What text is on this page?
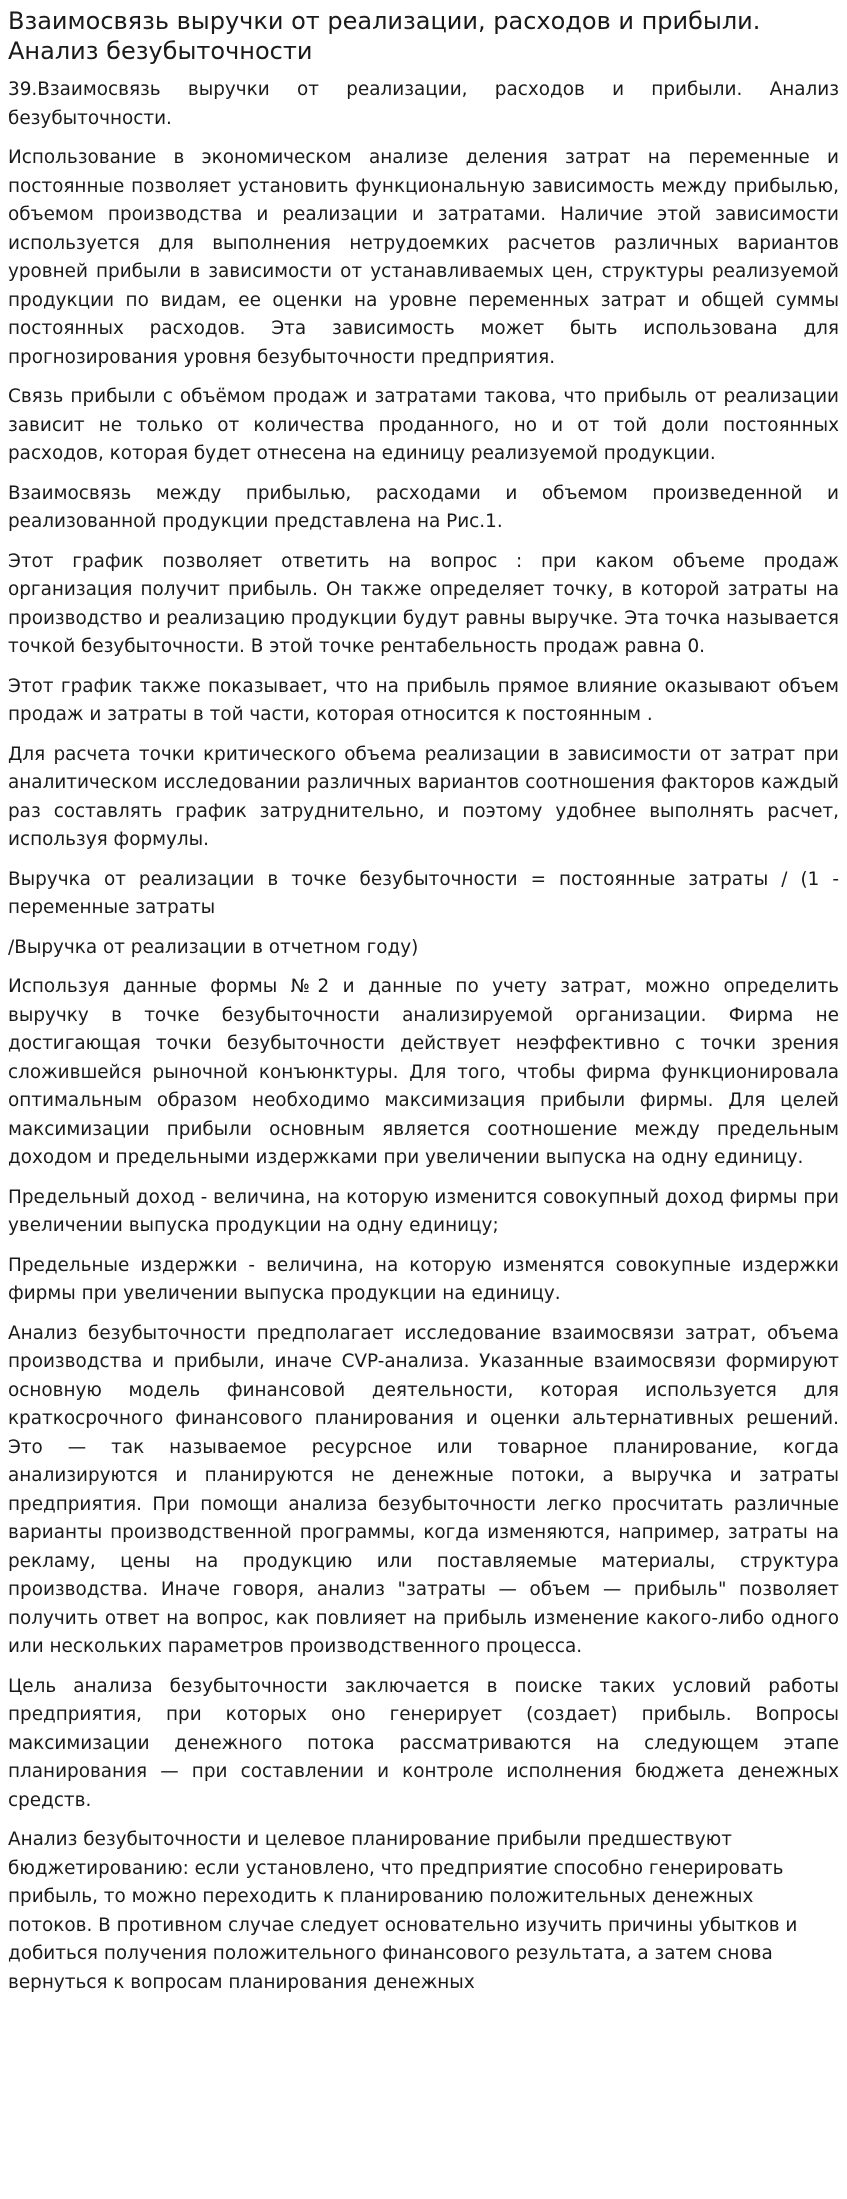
Взаимосвязь выручки от реализации, расходов и прибыли. Анализ безубыточности

39.Взаимосвязь выручки от реализации, расходов и прибыли. Анализ безубыточности.

Использование в экономическом анализе деления затрат на переменные и постоянные позволяет установить функциональную зависимость между прибылью, объемом производства и реализации и затратами. Наличие этой зависимости используется для выполнения нетрудоемких расчетов различных вариантов уровней прибыли в зависимости от устанавливаемых цен, структуры реализуемой продукции по видам, ее оценки на уровне переменных затрат и общей суммы постоянных расходов. Эта зависимость может быть использована для прогнозирования уровня безубыточности предприятия.

Связь прибыли с объёмом продаж и затратами такова, что прибыль от реализации зависит не только от количества проданного, но и от той доли постоянных расходов, которая будет отнесена на единицу реализуемой продукции.

Взаимосвязь между прибылью, расходами и объемом произведенной и реализованной продукции представлена на Рис.1.

Этот график позволяет ответить на вопрос : при каком объеме продаж организация получит прибыль. Он также определяет точку, в которой затраты на производство и реализацию продукции будут равны выручке. Эта точка называется точкой безубыточности. В этой точке рентабельность продаж равна 0.

Этот график также показывает, что на прибыль прямое влияние оказывают объем продаж и затраты в той части, которая относится к постоянным .

Для расчета точки критического объема реализации в зависимости от затрат при аналитическом исследовании различных вариантов соотношения факторов каждый раз составлять график затруднительно, и поэтому удобнее выполнять расчет, используя формулы.

Выручка от реализации в точке безубыточности = постоянные затраты / (1 - переменные затраты

/Выручка от реализации в отчетном году)

Используя данные формы №2 и данные по учету затрат, можно определить выручку в точке безубыточности анализируемой организации. Фирма не достигающая точки безубыточности действует неэффективно с точки зрения сложившейся рыночной конъюнктуры. Для того, чтобы фирма функционировала оптимальным образом необходимо максимизация прибыли фирмы. Для целей максимизации прибыли основным является соотношение между предельным доходом и предельными издержками при увеличении выпуска на одну единицу.

Предельный доход - величина, на которую изменится совокупный доход фирмы при увеличении выпуска продукции на одну единицу;

Предельные издержки - величина, на которую изменятся совокупные издержки фирмы при увеличении выпуска продукции на единицу.

Анализ безубыточности предполагает исследование взаимосвязи затрат, объема производства и прибыли, иначе CVP-анализа. Указанные взаимосвязи формируют основную модель финансовой деятельности, которая используется для краткосрочного финансового планирования и оценки альтернативных решений. Это — так называемое ресурсное или товарное планирование, когда анализируются и планируются не денежные потоки, а выручка и затраты предприятия. При помощи анализа безубыточности легко просчитать различные варианты производственной программы, когда изменяются, например, затраты на рекламу, цены на продукцию или поставляемые материалы, структура производства. Иначе говоря, анализ "затраты — объем — прибыль" позволяет получить ответ на вопрос, как повлияет на прибыль изменение какого-либо одного или нескольких параметров производственного процесса.

Цель анализа безубыточности заключается в поиске таких условий работы предприятия, при которых оно генерирует (создает) прибыль. Вопросы максимизации денежного потока рассматриваются на следующем этапе планирования — при составлении и контроле исполнения бюджета денежных средств.

Анализ безубыточности и целевое планирование прибыли предшествуют бюджетированию: если установлено, что предприятие способно генерировать прибыль, то можно переходить к планированию положительных денежных потоков. В противном случае следует основательно изучить причины убытков и добиться получения положительного финансового результата, а затем снова вернуться к вопросам планирования денежных
